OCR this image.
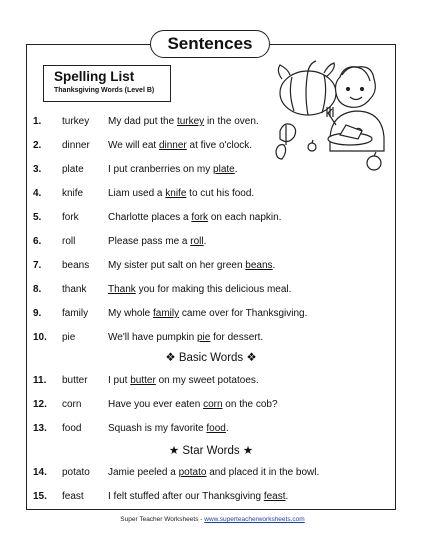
Sentences
Spelling List
Thanksgiving Words (Level B)
1.	turkey	My dad put the turkey in the oven.
2.	dinner	We will eat dinner at five o'clock.
3.	plate	I put cranberries on my plate.
4.	knife	Liam used a knife to cut his food.
5.	fork	Charlotte places a fork on each napkin.
6.	roll	Please pass me a roll.
7.	beans	My sister put salt on her green beans.
8.	thank	Thank you for making this delicious meal.
9.	family	My whole family came over for Thanksgiving.
10.	pie	We'll have pumpkin pie for dessert.
❖ Basic Words ❖
11.	butter	I put butter on my sweet potatoes.
12.	corn	Have you ever eaten corn on the cob?
13.	food	Squash is my favorite food.
★ Star Words ★
14.	potato	Jamie peeled a potato and placed it in the bowl.
15.	feast	I felt stuffed after our Thanksgiving feast.
Super Teacher Worksheets - www.superteacherworksheets.com
